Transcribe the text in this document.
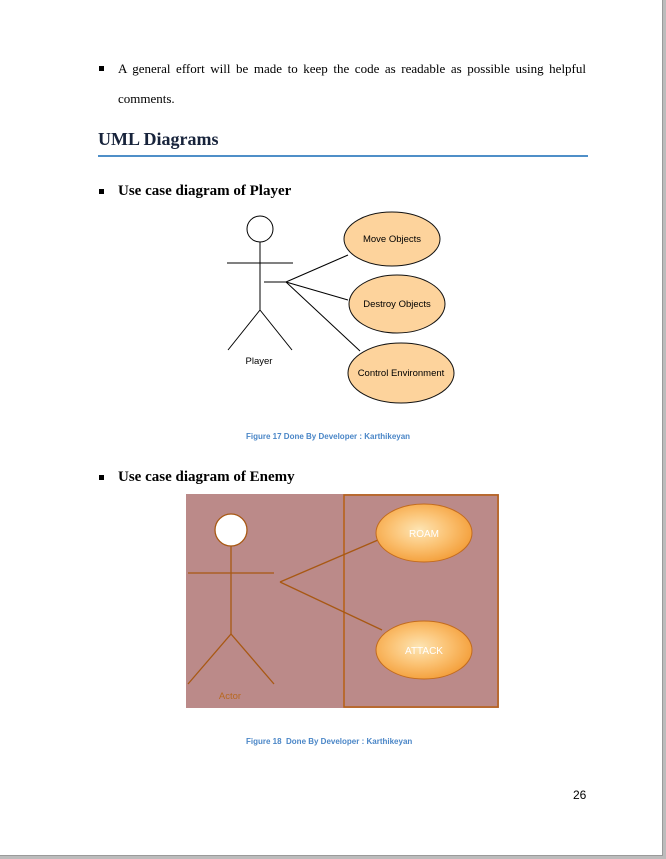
A general effort will be made to keep the code as readable as possible using helpful
comments.
UML Diagrams
Use case diagram of Player
Move Objects
Destroy Objects
Control Environment
Player
Figure 17 Done By Developer : Karthikeyan
Use case diagram of Enemy
ROAM
ATTACK
Actor
Figure 18  Done By Developer : Karthikeyan
26
